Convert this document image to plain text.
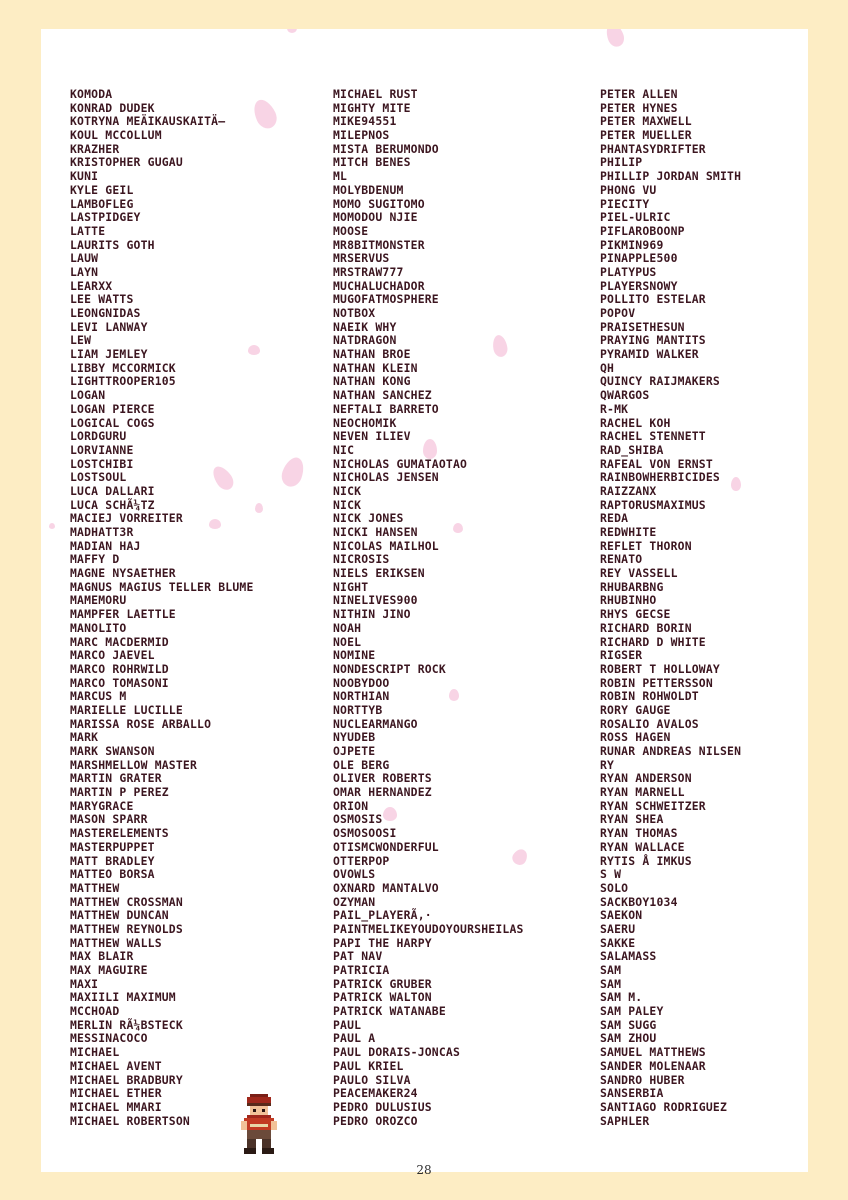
KOMODA
KONRAD DUDEK
KOTRYNA MEÄIKAUSKAITÄ—
KOUL MCCOLLUM
KRAZHER
KRISTOPHER GUGAU
KUNI
KYLE GEIL
LAMBOFLEG
LASTPIDGEY
LATTE
LAURITS GOTH
LAUW
LAYN
LEARXX
LEE WATTS
LEONGNIDAS
LEVI LANWAY
LEW
LIAM JEMLEY
LIBBY MCCORMICK
LIGHTTROOPER105
LOGAN
LOGAN PIERCE
LOGICAL COGS
LORDGURU
LORVIANNE
LOSTCHIBI
LOSTSOUL
LUCA DALLARI
LUCA SCHÃ¼TZ
MACIEJ VORREITER
MADHATT3R
MADIAN HAJ
MAFFY D
MAGNE NYSAETHER
MAGNUS MAGIUS TELLER BLUME
MAMEMORU
MAMPFER LAETTLE
MANOLITO
MARC MACDERMID
MARCO JAEVEL
MARCO ROHRWILD
MARCO TOMASONI
MARCUS M
MARIELLE LUCILLE
MARISSA ROSE ARBALLO
MARK
MARK SWANSON
MARSHMELLOW MASTER
MARTIN GRATER
MARTIN P PEREZ
MARYGRACE
MASON SPARR
MASTERELEMENTS
MASTERPUPPET
MATT BRADLEY
MATTEO BORSA
MATTHEW
MATTHEW CROSSMAN
MATTHEW DUNCAN
MATTHEW REYNOLDS
MATTHEW WALLS
MAX BLAIR
MAX MAGUIRE
MAXI
MAXIILI MAXIMUM
MCCHOAD
MERLIN RÃ¼BSTECK
MESSINACOCO
MICHAEL
MICHAEL AVENT
MICHAEL BRADBURY
MICHAEL ETHER
MICHAEL MMARI
MICHAEL ROBERTSON
MICHAEL RUST
MIGHTY MITE
MIKE94551
MILEPNOS
MISTA BERUMONDO
MITCH BENES
ML
MOLYBDENUM
MOMO SUGITOMO
MOMODOU NJIE
MOOSE
MR8BITMONSTER
MRSERVUS
MRSTRAW777
MUCHALUCHADOR
MUGOFATMOSPHERE
NOTBOX
NAEIK WHY
NATDRAGON
NATHAN BROE
NATHAN KLEIN
NATHAN KONG
NATHAN SANCHEZ
NEFTALI BARRETO
NEOCHOMIK
NEVEN ILIEV
NIC
NICHOLAS GUMATAOTAO
NICHOLAS JENSEN
NICK
NICK
NICK JONES
NICKI HANSEN
NICOLAS MAILHOL
NICROSIS
NIELS ERIKSEN
NIGHT
NINELIVES900
NITHIN JINO
NOAH
NOEL
NOMINE
NONDESCRIPT ROCK
NOOBYDOO
NORTHIAN
NORTTYB
NUCLEARMANGO
NYUDEB
OJPETE
OLE BERG
OLIVER ROBERTS
OMAR HERNANDEZ
ORION
OSMOSIS
OSMOSOOSI
OTISMCWONDERFUL
OTTERPOP
OVOWLS
OXNARD MANTALVO
OZYMAN
PAIL_PLAYERÃ,·
PAINTMELIKEYOUDOYOURSHEILAS
PAPI THE HARPY
PAT NAV
PATRICIA
PATRICK GRUBER
PATRICK WALTON
PATRICK WATANABE
PAUL
PAUL A
PAUL DORAIS-JONCAS
PAUL KRIEL
PAULO SILVA
PEACEMAKER24
PEDRO DULUSIUS
PEDRO OROZCO
PETER ALLEN
PETER HYNES
PETER MAXWELL
PETER MUELLER
PHANTASYDRIFTER
PHILIP
PHILLIP JORDAN SMITH
PHONG VU
PIECITY
PIEL-ULRIC
PIFLAROBOONP
PIKMIN969
PINAPPLE500
PLATYPUS
PLAYERSNOWY
POLLITO ESTELAR
POPOV
PRAISETHESUN
PRAYING MANTITS
PYRAMID WALKER
QH
QUINCY RAIJMAKERS
QWARGOS
R-MK
RACHEL KOH
RACHEL STENNETT
RAD_SHIBA
RAFEAL VON ERNST
RAINBOWHERBICIDES
RAIZZANX
RAPTORUSMAXIMUS
REDA
REDWHITE
REFLET THORON
RENATO
REY VASSELL
RHUBARBNG
RHUBINHO
RHYS GECSE
RICHARD BORIN
RICHARD D WHITE
RIGSER
ROBERT T HOLLOWAY
ROBIN PETTERSSON
ROBIN ROHWOLDT
RORY GAUGE
ROSALIO AVALOS
ROSS HAGEN
RUNAR ANDREAS NILSEN
RY
RYAN ANDERSON
RYAN MARNELL
RYAN SCHWEITZER
RYAN SHEA
RYAN THOMAS
RYAN WALLACE
RYTIS Å IMKUS
S W
SOLO
SACKBOY1034
SAEKON
SAERU
SAKKE
SALAMASS
SAM
SAM
SAM M.
SAM PALEY
SAM SUGG
SAM ZHOU
SAMUEL MATTHEWS
SANDER MOLENAAR
SANDRO HUBER
SANSERBIA
SANTIAGO RODRIGUEZ
SAPHLER
28
